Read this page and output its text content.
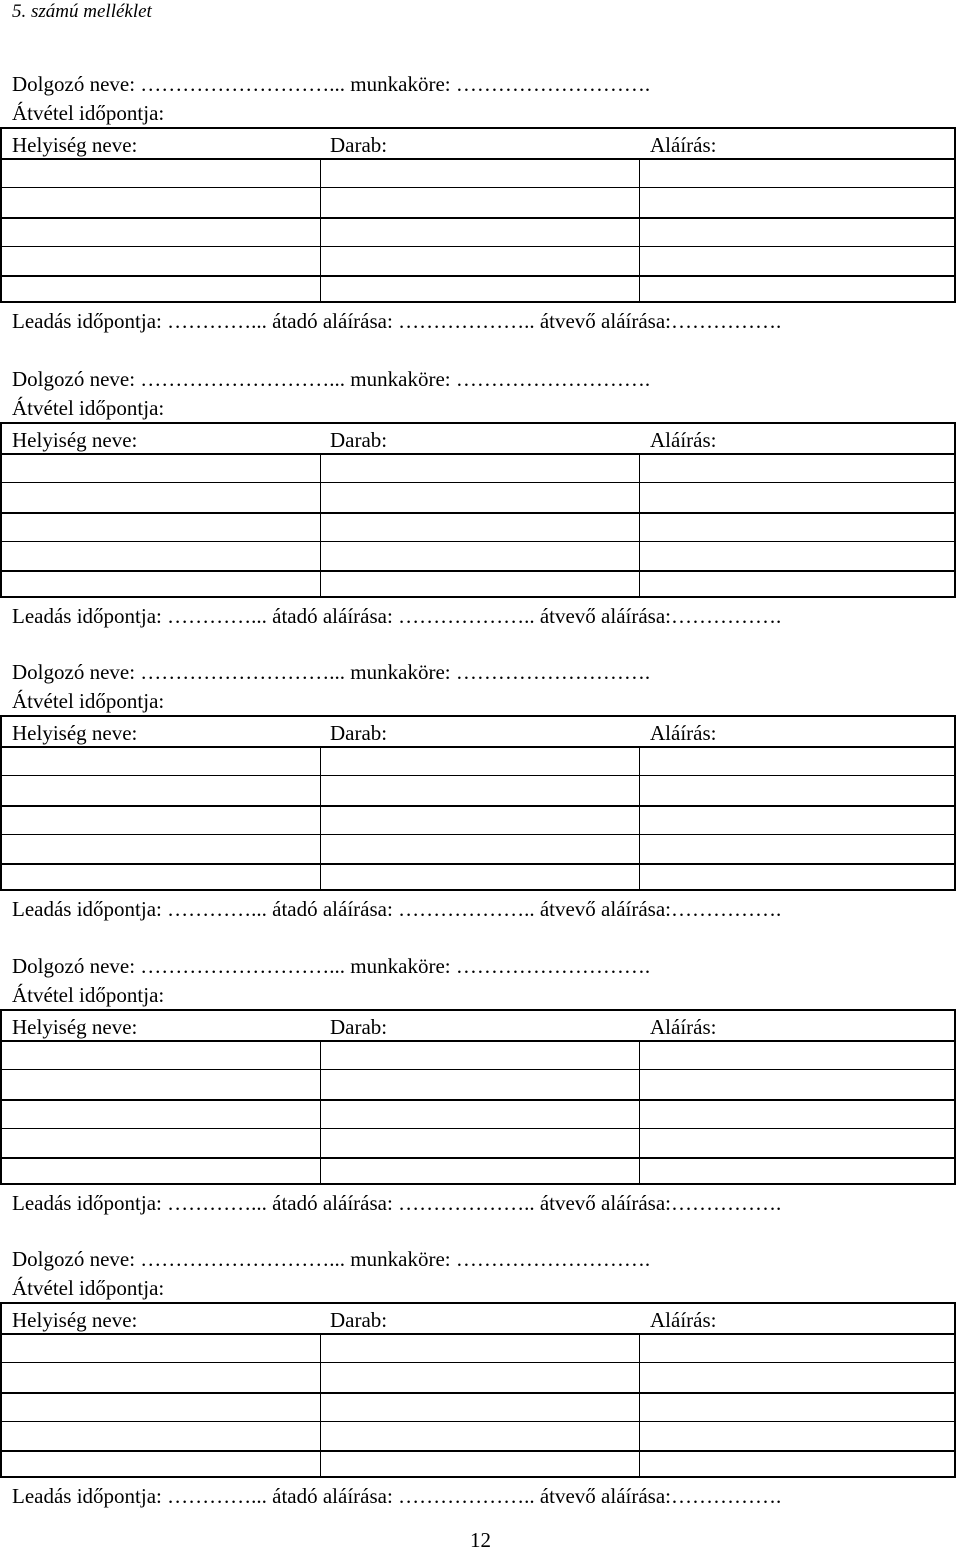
5. számú melléklet
Dolgozó neve: ………………………... munkaköre: ……………………….
Átvétel időpontja:
Helyiség neve:	Darab:	Aláírás:
Leadás időpontja: …………... átadó aláírása: ……………….. átvevő aláírása:…………….
Dolgozó neve: ………………………... munkaköre: ……………………….
Átvétel időpontja:
Helyiség neve:	Darab:	Aláírás:
Leadás időpontja: …………... átadó aláírása: ……………….. átvevő aláírása:…………….
Dolgozó neve: ………………………... munkaköre: ……………………….
Átvétel időpontja:
Helyiség neve:	Darab:	Aláírás:
Leadás időpontja: …………... átadó aláírása: ……………….. átvevő aláírása:…………….
Dolgozó neve: ………………………... munkaköre: ……………………….
Átvétel időpontja:
Helyiség neve:	Darab:	Aláírás:
Leadás időpontja: …………... átadó aláírása: ……………….. átvevő aláírása:…………….
Dolgozó neve: ………………………... munkaköre: ……………………….
Átvétel időpontja:
Helyiség neve:	Darab:	Aláírás:
Leadás időpontja: …………... átadó aláírása: ……………….. átvevő aláírása:…………….
12
